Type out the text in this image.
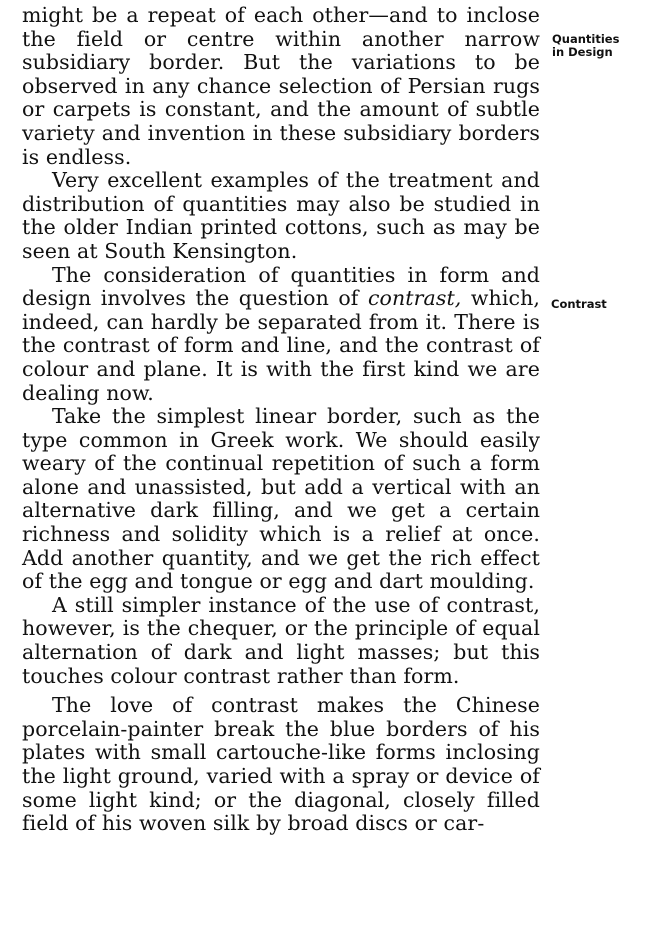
might be a repeat of each other—and to inclose the field or centre within another narrow subsidiary border. But the variations to be observed in any chance selection of Persian rugs or carpets is constant, and the amount of subtle variety and invention in these subsidiary borders is endless.

Very excellent examples of the treatment and distribution of quantities may also be studied in the older Indian printed cottons, such as may be seen at South Kensington.

The consideration of quantities in form and design involves the question of contrast, which, indeed, can hardly be separated from it. There is the contrast of form and line, and the contrast of colour and plane. It is with the first kind we are dealing now.

Take the simplest linear border, such as the type common in Greek work. We should easily weary of the continual repetition of such a form alone and unassisted, but add a vertical with an alternative dark filling, and we get a certain richness and solidity which is a relief at once. Add another quantity, and we get the rich effect of the egg and tongue or egg and dart moulding.

A still simpler instance of the use of contrast, however, is the chequer, or the principle of equal alternation of dark and light masses; but this touches colour contrast rather than form.

The love of contrast makes the Chinese porcelain-painter break the blue borders of his plates with small cartouche-like forms inclosing the light ground, varied with a spray or device of some light kind; or the diagonal, closely filled field of his woven silk by broad discs or car-

Quantities
in Design
Contrast
